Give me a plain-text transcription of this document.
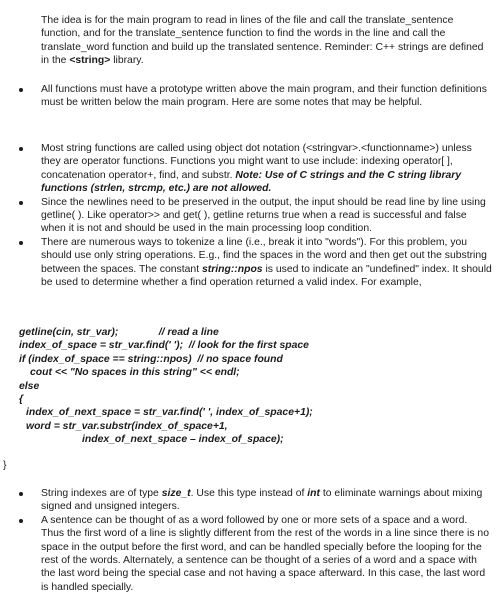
The idea is for the main program to read in lines of the file and call the translate_sentence function, and for the translate_sentence function to find the words in the line and call the translate_word function and build up the translated sentence. Reminder: C++ strings are defined in the <string> library.

All functions must have a prototype written above the main program, and their function definitions must be written below the main program. Here are some notes that may be helpful.
Most string functions are called using object dot notation (<stringvar>.<functionname>) unless they are operator functions. Functions you might want to use include: indexing operator[ ], concatenation operator+, find, and substr. Note: Use of C strings and the C string library functions (strlen, strcmp, etc.) are not allowed.
Since the newlines need to be preserved in the output, the input should be read line by line using getline( ). Like operator>> and get( ), getline returns true when a read is successful and false when it is not and should be used in the main processing loop condition.
There are numerous ways to tokenize a line (i.e., break it into "words"). For this problem, you should use only string operations. E.g., find the spaces in the word and then get out the substring between the spaces. The constant string::npos is used to indicate an "undefined" index. It should be used to determine whether a find operation returned a valid index. For example,
getline(cin, str_var);              // read a line
index_of_space = str_var.find(' ');  // look for the first space
if (index_of_space == string::npos)  // no space found
cout << "No spaces in this string" << endl;
else
{
index_of_next_space = str_var.find(' ', index_of_space+1);
word = str_var.substr(index_of_space+1,
index_of_next_space – index_of_space);
}
String indexes are of type size_t. Use this type instead of int to eliminate warnings about mixing signed and unsigned integers.
A sentence can be thought of as a word followed by one or more sets of a space and a word. Thus the first word of a line is slightly different from the rest of the words in a line since there is no space in the output before the first word, and can be handled specially before the looping for the rest of the words. Alternately, a sentence can be thought of a series of a word and a space with the last word being the special case and not having a space afterward. In this case, the last word is handled specially.
